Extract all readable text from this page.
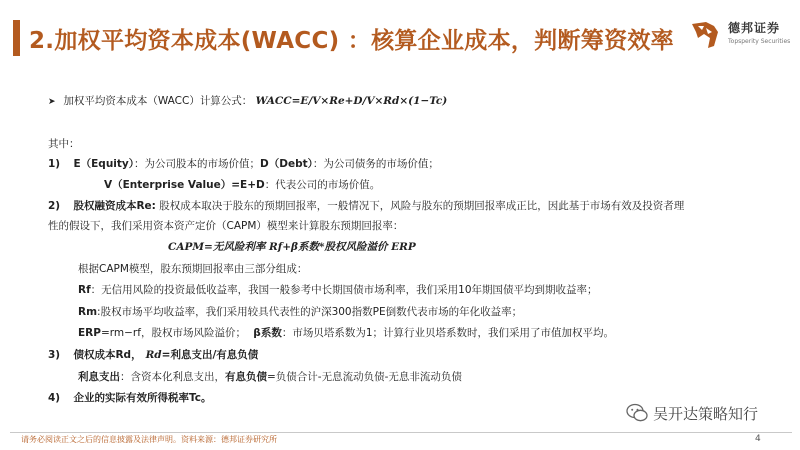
2.加权平均资本成本(WACC) ：核算企业成本，判断筹资效率	德邦证券
Topsperity Securities
➤ 加权平均资本成本（WACC）计算公式： WACC=E/V×Re+D/V×Rd×(1−Tc)
其中：
1) E（Equity）：为公司股本的市场价值；D（Debt）：为公司债务的市场价值；
V（Enterprise Value）=E+D：代表公司的市场价值。
2) 股权融资成本Re: 股权成本取决于股东的预期回报率，一般情况下，风险与股东的预期回报率成正比，因此基于市场有效及投资者理
性的假设下，我们采用资本资产定价（CAPM）模型来计算股东预期回报率：
CAPM=无风险利率 Rf+β系数*股权风险溢价 ERP
根据CAPM模型，股东预期回报率由三部分组成：
Rf：无信用风险的投资最低收益率，我国一般参考中长期国债市场利率，我们采用10年期国债平均到期收益率；
Rm:股权市场平均收益率，我们采用较具代表性的沪深300指数PE倒数代表市场的年化收益率；
ERP=rm−rf，股权市场风险溢价； β系数：市场贝塔系数为1；计算行业贝塔系数时，我们采用了市值加权平均。
3) 债权成本Rd， Rd=利息支出/有息负债
利息支出：含资本化利息支出，有息负债=负债合计-无息流动负债-无息非流动负债
4) 企业的实际有效所得税率Tc。
吴开达策略知行
请务必阅读正文之后的信息披露及法律声明。资料来源：德邦证券研究所	4
